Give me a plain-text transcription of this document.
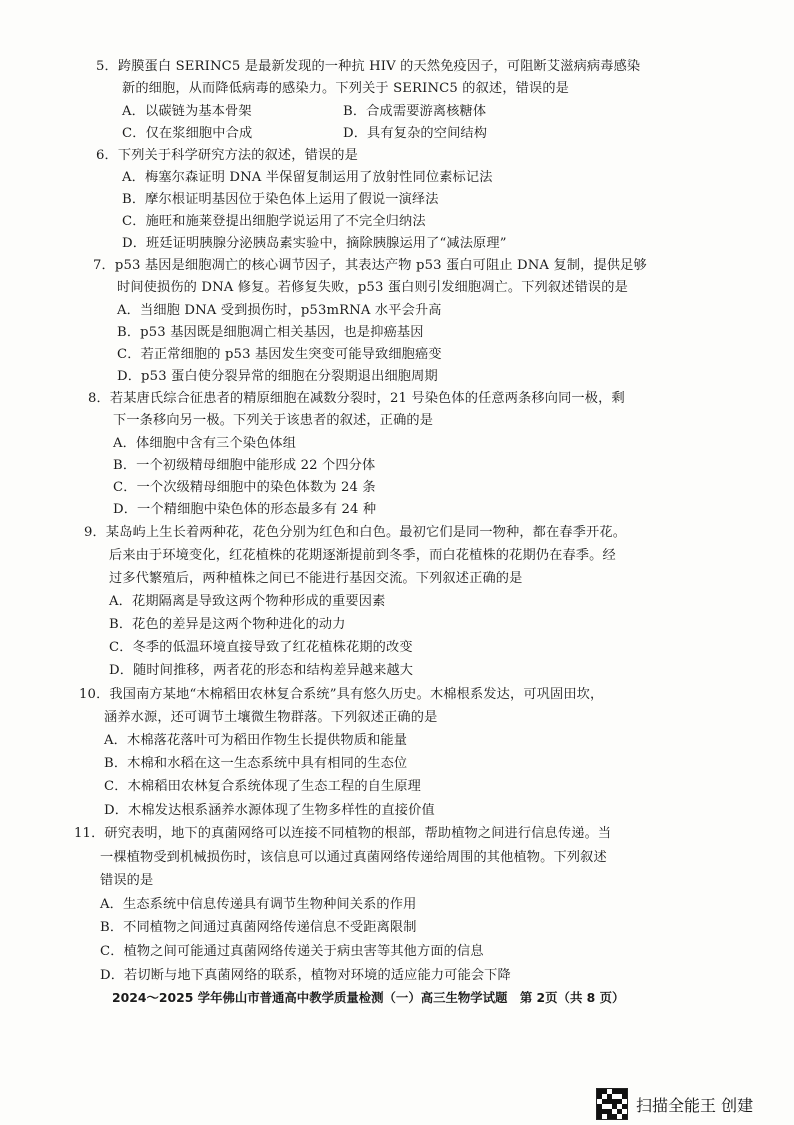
5．跨膜蛋白 SERINC5 是最新发现的一种抗 HIV 的天然免疫因子，可阻断艾滋病病毒感染
新的细胞，从而降低病毒的感染力。下列关于 SERINC5 的叙述，错误的是
A．以碳链为基本骨架	B．合成需要游离核糖体
C．仅在浆细胞中合成	D．具有复杂的空间结构
6．下列关于科学研究方法的叙述，错误的是
A．梅塞尔森证明 DNA 半保留复制运用了放射性同位素标记法
B．摩尔根证明基因位于染色体上运用了假说一演绎法
C．施旺和施莱登提出细胞学说运用了不完全归纳法
D．班廷证明胰腺分泌胰岛素实验中，摘除胰腺运用了“减法原理”
7．p53 基因是细胞凋亡的核心调节因子，其表达产物 p53 蛋白可阻止 DNA 复制，提供足够
时间使损伤的 DNA 修复。若修复失败，p53 蛋白则引发细胞凋亡。下列叙述错误的是
A．当细胞 DNA 受到损伤时，p53mRNA 水平会升高
B．p53 基因既是细胞凋亡相关基因，也是抑癌基因
C．若正常细胞的 p53 基因发生突变可能导致细胞癌变
D．p53 蛋白使分裂异常的细胞在分裂期退出细胞周期
8．若某唐氏综合征患者的精原细胞在减数分裂时，21 号染色体的任意两条移向同一极，剩
下一条移向另一极。下列关于该患者的叙述，正确的是
A．体细胞中含有三个染色体组
B．一个初级精母细胞中能形成 22 个四分体
C．一个次级精母细胞中的染色体数为 24 条
D．一个精细胞中染色体的形态最多有 24 种
9．某岛屿上生长着两种花，花色分别为红色和白色。最初它们是同一物种，都在春季开花。
后来由于环境变化，红花植株的花期逐渐提前到冬季，而白花植株的花期仍在春季。经
过多代繁殖后，两种植株之间已不能进行基因交流。下列叙述正确的是
A．花期隔离是导致这两个物种形成的重要因素
B．花色的差异是这两个物种进化的动力
C．冬季的低温环境直接导致了红花植株花期的改变
D．随时间推移，两者花的形态和结构差异越来越大
10．我国南方某地“木棉稻田农林复合系统”具有悠久历史。木棉根系发达，可巩固田坎，
涵养水源，还可调节土壤微生物群落。下列叙述正确的是
A．木棉落花落叶可为稻田作物生长提供物质和能量
B．木棉和水稻在这一生态系统中具有相同的生态位
C．木棉稻田农林复合系统体现了生态工程的自生原理
D．木棉发达根系涵养水源体现了生物多样性的直接价值
11．研究表明，地下的真菌网络可以连接不同植物的根部，帮助植物之间进行信息传递。当
一棵植物受到机械损伤时，该信息可以通过真菌网络传递给周围的其他植物。下列叙述
错误的是
A．生态系统中信息传递具有调节生物种间关系的作用
B．不同植物之间通过真菌网络传递信息不受距离限制
C．植物之间可能通过真菌网络传递关于病虫害等其他方面的信息
D．若切断与地下真菌网络的联系，植物对环境的适应能力可能会下降
2024～2025 学年佛山市普通高中教学质量检测（一）高三生物学试题　第 2页（共 8 页）
扫描全能王 创建
